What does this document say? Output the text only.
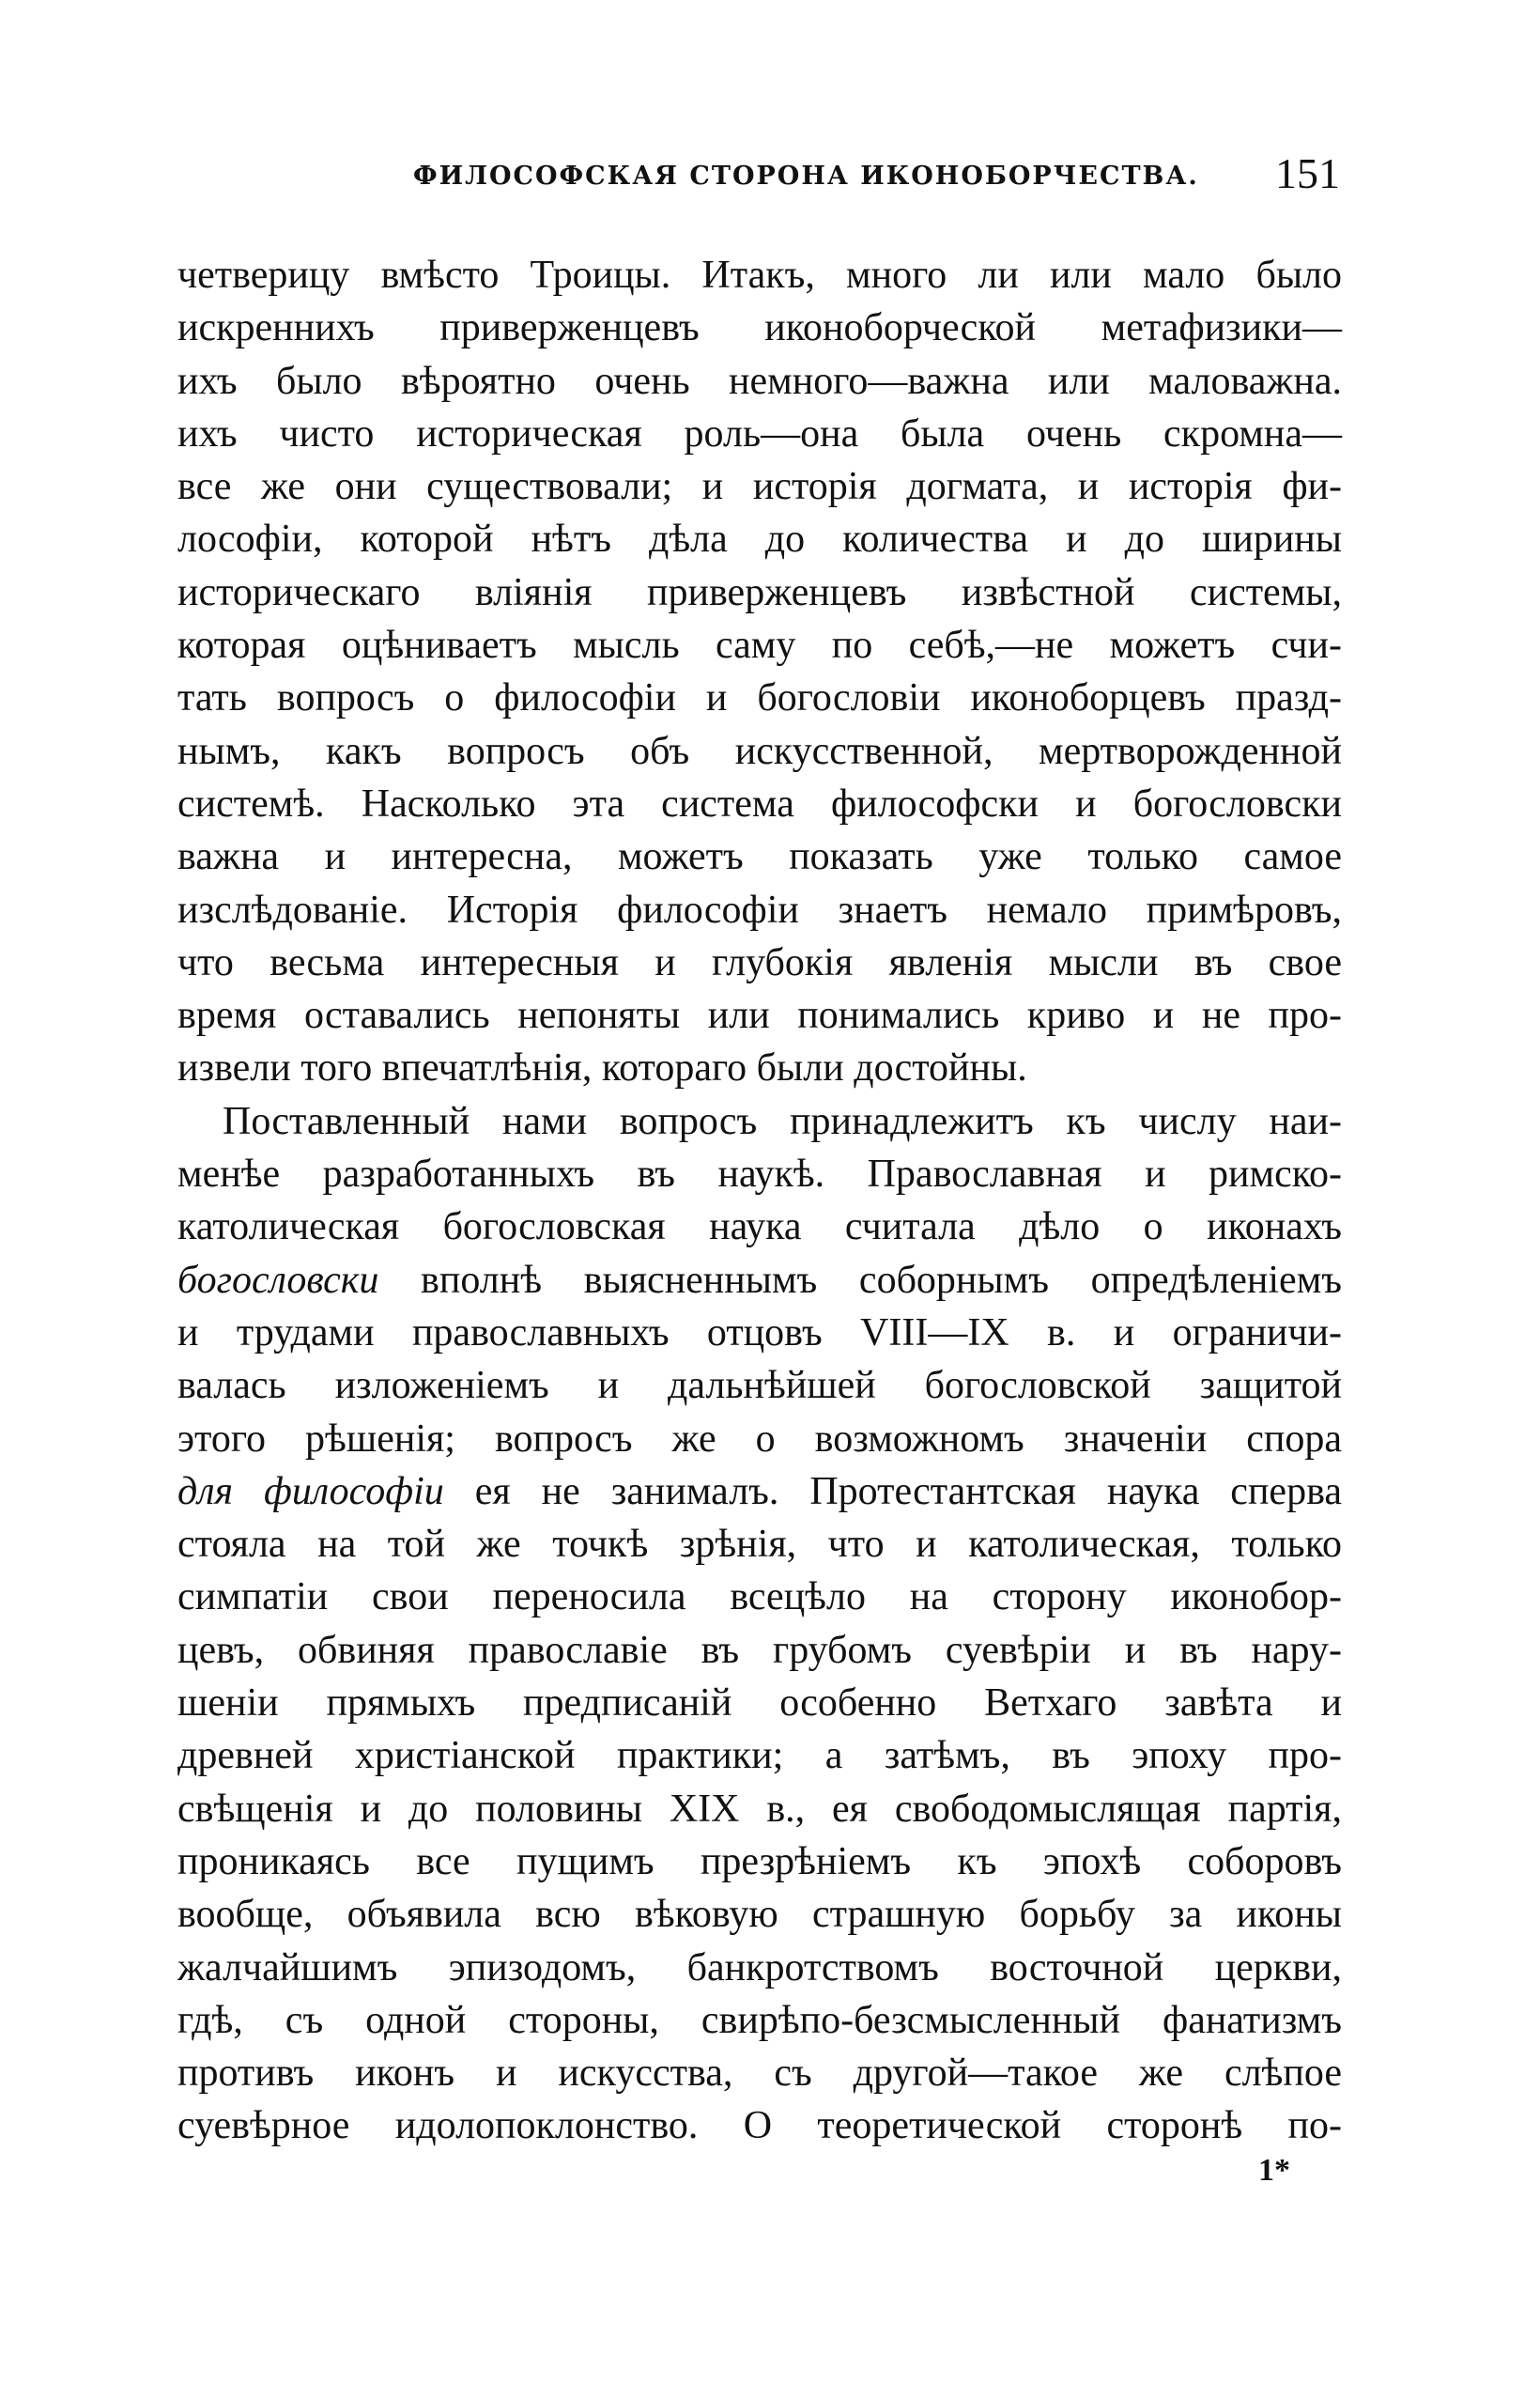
ФИЛОСОФСКАЯ СТОРОНА ИКОНОБОРЧЕСТВА. 151
четверицу вмѣсто Троицы. Итакъ, много ли или мало было
искреннихъ приверженцевъ иконоборческой метафизики—
ихъ было вѣроятно очень немного—важна или маловажна.
ихъ чисто историческая роль—она была очень скромна—
все же они существовали; и исторія догмата, и исторія фи-
лософіи, которой нѣтъ дѣла до количества и до ширины
историческаго вліянія приверженцевъ извѣстной системы,
которая оцѣниваетъ мысль саму по себѣ,—не можетъ счи-
тать вопросъ о философіи и богословіи иконоборцевъ празд-
нымъ, какъ вопросъ объ искусственной, мертворожденной
системѣ. Насколько эта система философски и богословски
важна и интересна, можетъ показать уже только самое
изслѣдованіе. Исторія философіи знаетъ немало примѣровъ,
что весьма интересныя и глубокія явленія мысли въ свое
время оставались непоняты или понимались криво и не про-
извели того впечатлѣнія, котораго были достойны.
Поставленный нами вопросъ принадлежитъ къ числу наи-
менѣе разработанныхъ въ наукѣ. Православная и римско-
католическая богословская наука считала дѣло о иконахъ
богословски вполнѣ выясненнымъ соборнымъ опредѣленіемъ
и трудами православныхъ отцовъ VIII—IX в. и ограничи-
валась изложеніемъ и дальнѣйшей богословской защитой
этого рѣшенія; вопросъ же о возможномъ значеніи спора
для философіи ея не занималъ. Протестантская наука сперва
стояла на той же точкѣ зрѣнія, что и католическая, только
симпатіи свои переносила всецѣло на сторону иконобор-
цевъ, обвиняя православіе въ грубомъ суевѣріи и въ нару-
шеніи прямыхъ предписаній особенно Ветхаго завѣта и
древней христіанской практики; а затѣмъ, въ эпоху про-
свѣщенія и до половины XIX в., ея свободомыслящая партія,
проникаясь все пущимъ презрѣніемъ къ эпохѣ соборовъ
вообще, объявила всю вѣковую страшную борьбу за иконы
жалчайшимъ эпизодомъ, банкротствомъ восточной церкви,
гдѣ, съ одной стороны, свирѣпо-безсмысленный фанатизмъ
противъ иконъ и искусства, съ другой—такое же слѣпое
суевѣрное идолопоклонство. О теоретической сторонѣ по-
1*
